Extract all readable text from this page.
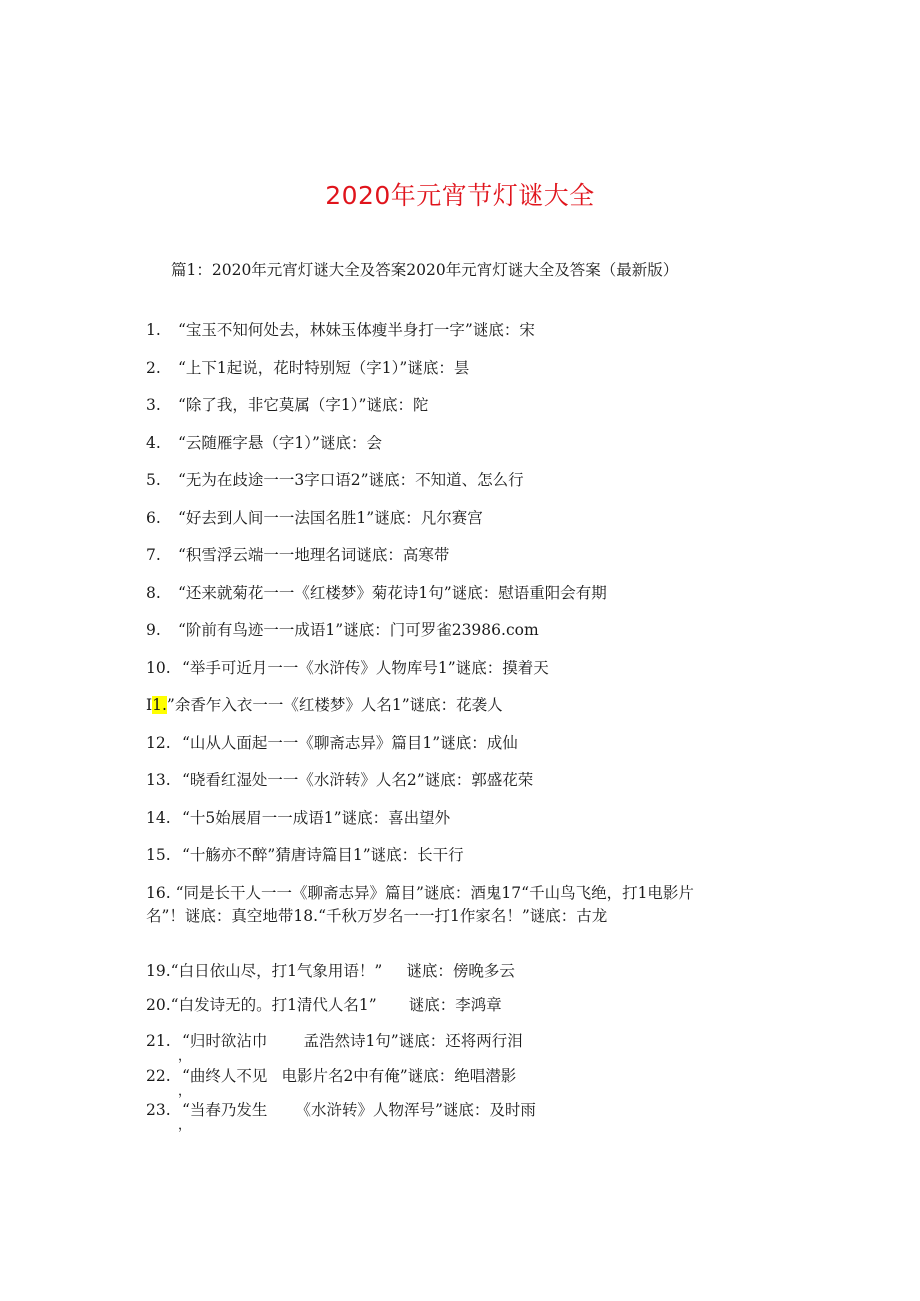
2020年元宵节灯谜大全
篇1：2020年元宵灯谜大全及答案2020年元宵灯谜大全及答案（最新版）
1. “宝玉不知何处去，林妹玉体瘦半身打一字”谜底：宋
2. “上下1起说，花时特别短（字1）”谜底：昙
3. “除了我，非它莫属（字1）”谜底：陀
4. “云随雁字悬（字1）”谜底：会
5. “无为在歧途一一3字口语2”谜底：不知道、怎么行
6. “好去到人间一一法国名胜1”谜底：凡尔赛宫
7. “积雪浮云端一一地理名词谜底：高寒带
8. “还来就菊花一一《红楼梦》菊花诗1句”谜底：慰语重阳会有期
9. “阶前有鸟迹一一成语1”谜底：门可罗雀23986.com
10. “举手可近月一一《水浒传》人物库号1”谜底：摸着天
I1.”余香乍入衣一一《红楼梦》人名1”谜底：花袭人
12. “山从人面起一一《聊斋志异》篇目1”谜底：成仙
13. “晓看红湿处一一《水浒转》人名2”谜底：郭盛花荣
14. “十5始展眉一一成语1”谜底：喜出望外
15. “十觞亦不醉”猜唐诗篇目1”谜底：长干行
16. “同是长干人一一《聊斋志异》篇目”谜底：酒鬼17“千山鸟飞绝，打1电影片名”！谜底：真空地带18.“千秋万岁名一一打1作家名！”谜底：古龙
19.“白日依山尽，打1气象用语！” 谜底：傍晚多云
20.“白发诗无的。打1清代人名1” 谜底：李鸿章
21. “归时欲沾巾 孟浩然诗1句”谜底：还将两行泪
，
22. “曲终人不见 电影片名2中有俺”谜底：绝唱潜影
，
23. “当春乃发生 《水浒转》人物浑号”谜底：及时雨
，
